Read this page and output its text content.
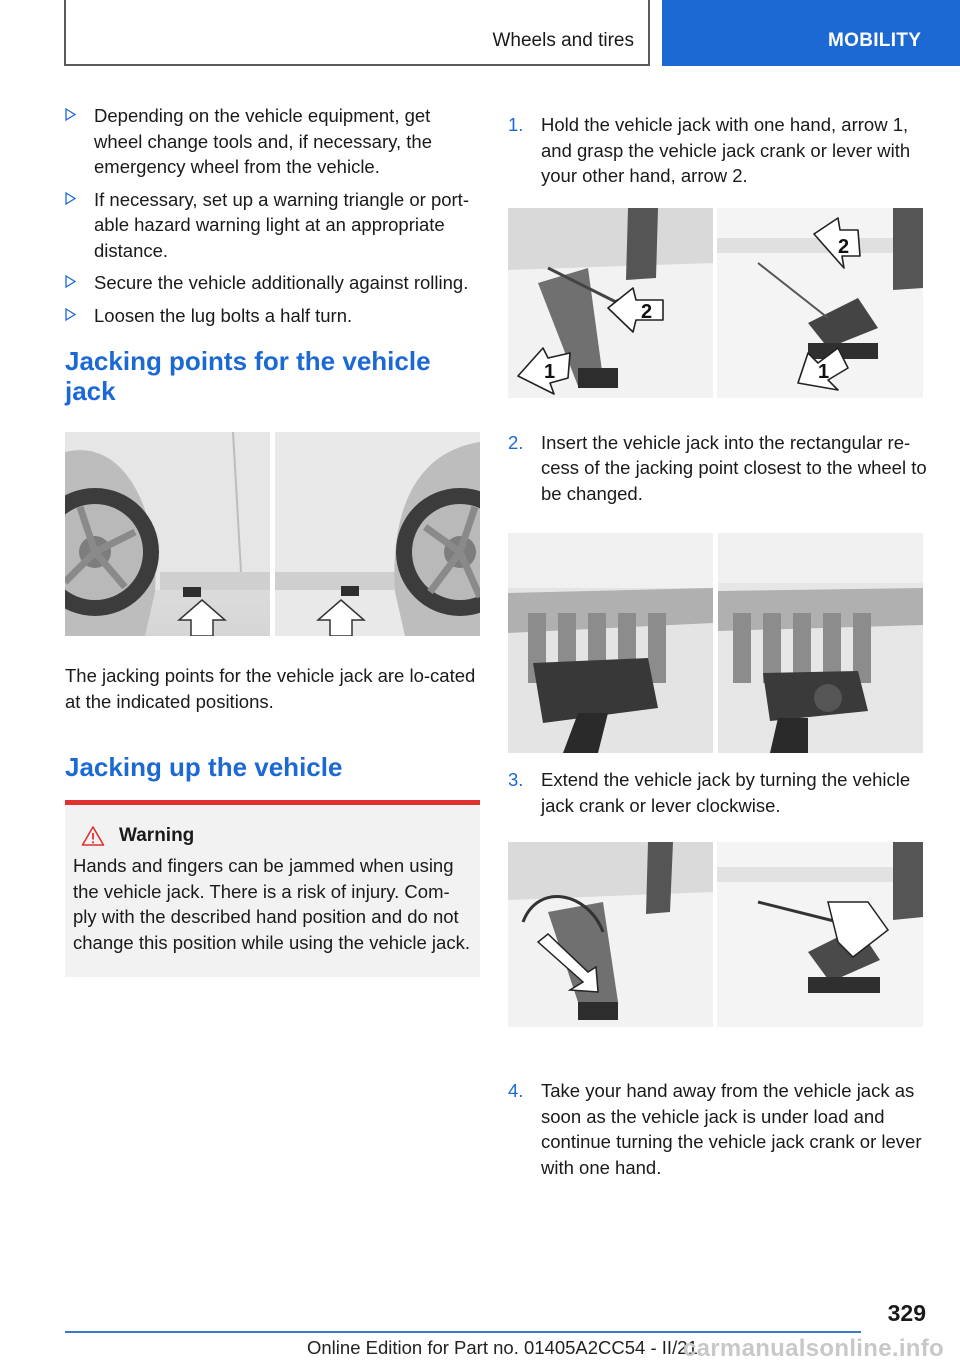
Wheels and tires	MOBILITY
Depending on the vehicle equipment, get wheel change tools and, if necessary, the emergency wheel from the vehicle.
If necessary, set up a warning triangle or port‐able hazard warning light at an appropriate distance.
Secure the vehicle additionally against rolling.
Loosen the lug bolts a half turn.
Jacking points for the vehicle jack

The jacking points for the vehicle jack are lo‐cated at the indicated positions.

Jacking up the vehicle
Warning

Hands and fingers can be jammed when using the vehicle jack. There is a risk of injury. Com‐ply with the described hand position and do not change this position while using the vehicle jack.

1. Hold the vehicle jack with one hand, arrow 1, and grasp the vehicle jack crank or lever with your other hand, arrow 2.
1
2
1
2
2. Insert the vehicle jack into the rectangular re‐cess of the jacking point closest to the wheel to be changed.
3. Extend the vehicle jack by turning the vehicle jack crank or lever clockwise.
4. Take your hand away from the vehicle jack as soon as the vehicle jack is under load and continue turning the vehicle jack crank or lever with one hand.
329
Online Edition for Part no. 01405A2CC54 - II/21
carmanualsonline.info
